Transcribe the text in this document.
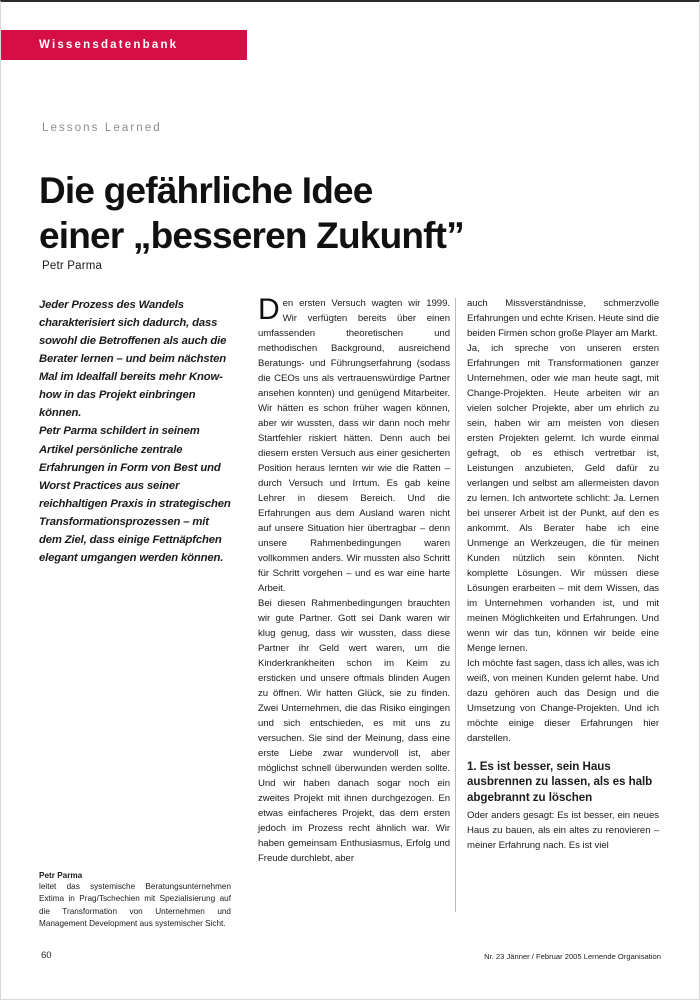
Wissensdatenbank
Lessons Learned
Die gefährliche Idee
einer „besseren Zukunft”
Petr Parma

Jeder Prozess des Wandels charakterisiert sich dadurch, dass sowohl die Betroffenen als auch die Berater lernen – und beim nächsten Mal im Idealfall bereits mehr Know-how in das Projekt einbringen können.

Petr Parma schildert in seinem Artikel persönliche zentrale Erfahrungen in Form von Best und Worst Practices aus seiner reichhaltigen Praxis in strategischen Transformationsprozessen – mit dem Ziel, dass einige Fettnäpfchen elegant umgangen werden können.

Den ersten Versuch wagten wir 1999. Wir verfügten bereits über einen umfassenden theoretischen und methodischen Background, ausreichend Beratungs- und Führungserfahrung (sodass die CEOs uns als vertrauenswürdige Partner ansehen konnten) und genügend Mitarbeiter. Wir hätten es schon früher wagen können, aber wir wussten, dass wir dann noch mehr Startfehler riskiert hätten. Denn auch bei diesem ersten Versuch aus einer gesicherten Position heraus lernten wir wie die Ratten – durch Versuch und Irrtum. Es gab keine Lehrer in diesem Bereich. Und die Erfahrungen aus dem Ausland waren nicht auf unsere Situation hier übertragbar – denn unsere Rahmenbedingungen waren vollkommen anders. Wir mussten also Schritt für Schritt vorgehen – und es war eine harte Arbeit.

Bei diesen Rahmenbedingungen brauchten wir gute Partner. Gott sei Dank waren wir klug genug, dass wir wussten, dass diese Partner ihr Geld wert waren, um die Kinderkrankheiten schon im Keim zu ersticken und unsere oftmals blinden Augen zu öffnen. Wir hatten Glück, sie zu finden. Zwei Unternehmen, die das Risiko eingingen und sich entschieden, es mit uns zu versuchen. Sie sind der Meinung, dass eine erste Liebe zwar wundervoll ist, aber möglichst schnell überwunden werden sollte. Und wir haben danach sogar noch ein zweites Projekt mit ihnen durchgezogen. En etwas einfacheres Projekt, das dem ersten jedoch im Prozess recht ähnlich war. Wir haben gemeinsam Enthusiasmus, Erfolg und Freude durchlebt, aber

auch Missverständnisse, schmerzvolle Erfahrungen und echte Krisen. Heute sind die beiden Firmen schon große Player am Markt.

Ja, ich spreche von unseren ersten Erfahrungen mit Transformationen ganzer Unternehmen, oder wie man heute sagt, mit Change-Projekten. Heute arbeiten wir an vielen solcher Projekte, aber um ehrlich zu sein, haben wir am meisten von diesen ersten Projekten gelernt. Ich wurde einmal gefragt, ob es ethisch vertretbar ist, Leistungen anzubieten, Geld dafür zu verlangen und selbst am allermeisten davon zu lernen. Ich antwortete schlicht: Ja. Lernen bei unserer Arbeit ist der Punkt, auf den es ankommt. Als Berater habe ich eine Unmenge an Werkzeugen, die für meinen Kunden nützlich sein könnten. Nicht komplette Lösungen. Wir müssen diese Lösungen erarbeiten – mit dem Wissen, das im Unternehmen vorhanden ist, und mit meinen Möglichkeiten und Erfahrungen. Und wenn wir das tun, können wir beide eine Menge lernen.

Ich möchte fast sagen, dass ich alles, was ich weiß, von meinen Kunden gelernt habe. Und dazu gehören auch das Design und die Umsetzung von Change-Projekten. Und ich möchte einige dieser Erfahrungen hier darstellen.

1. Es ist besser, sein Haus ausbrennen zu lassen, als es halb abgebrannt zu löschen

Oder anders gesagt: Es ist besser, ein neues Haus zu bauen, als ein altes zu renovieren – meiner Erfahrung nach. Es ist viel

Petr Parma

leitet das systemische Beratungsunternehmen Extima in Prag/Tschechien mit Spezialisierung auf die Transformation von Unternehmen und Management Development aus systemischer Sicht.

60	Nr. 23 Jänner / Februar 2005 Lernende Organisation
